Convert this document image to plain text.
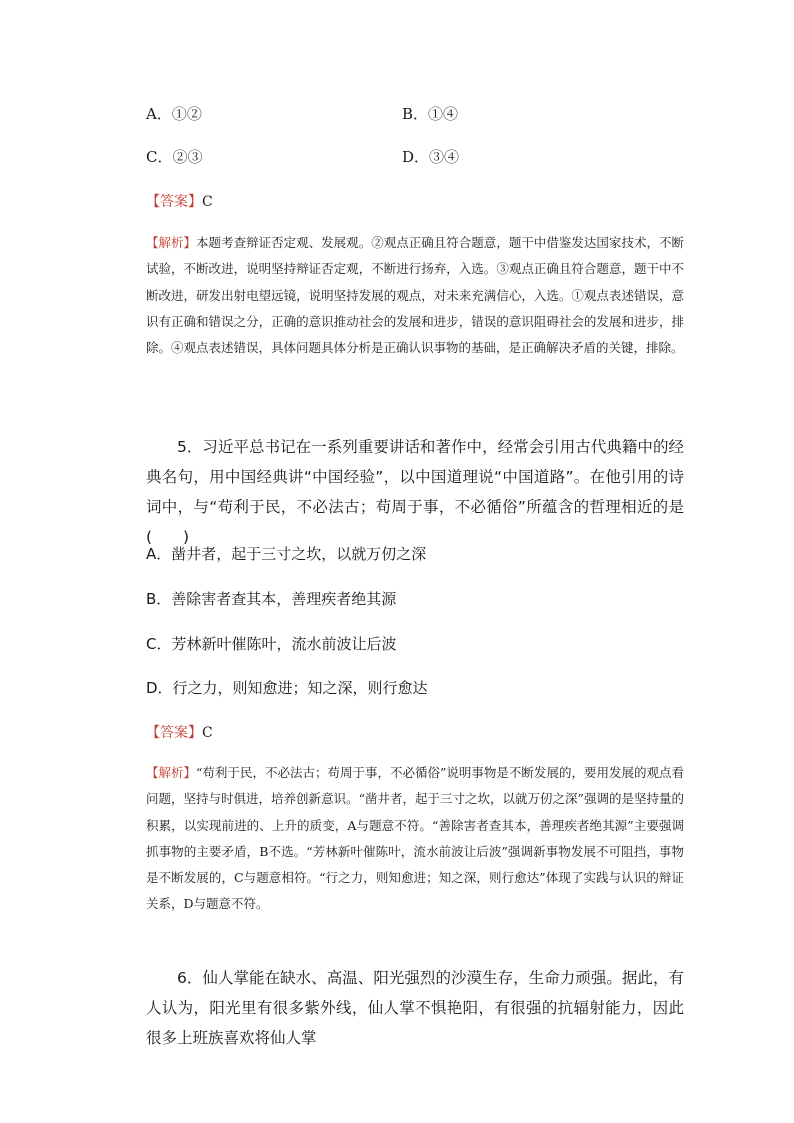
A．①②	B．①④
C．②③	D．③④
【答案】C
【解析】本题考查辩证否定观、发展观。②观点正确且符合题意，题干中借鉴发达国家技术，不断试验，不断改进，说明坚持辩证否定观，不断进行扬弃，入选。③观点正确且符合题意，题干中不断改进，研发出射电望远镜，说明坚持发展的观点，对未来充满信心，入选。①观点表述错误，意识有正确和错误之分，正确的意识推动社会的发展和进步，错误的意识阻碍社会的发展和进步，排除。④观点表述错误，具体问题具体分析是正确认识事物的基础，是正确解决矛盾的关键，排除。
5．习近平总书记在一系列重要讲话和著作中，经常会引用古代典籍中的经典名句，用中国经典讲“中国经验”，以中国道理说“中国道路”。在他引用的诗词中，与“苟利于民，不必法古；苟周于事，不必循俗”所蕴含的哲理相近的是(　　)
A．凿井者，起于三寸之坎，以就万仞之深
B．善除害者查其本，善理疾者绝其源
C．芳林新叶催陈叶，流水前波让后波
D．行之力，则知愈进；知之深，则行愈达
【答案】C
【解析】“苟利于民，不必法古；苟周于事，不必循俗”说明事物是不断发展的，要用发展的观点看问题，坚持与时俱进，培养创新意识。“凿井者，起于三寸之坎，以就万仞之深”强调的是坚持量的积累，以实现前进的、上升的质变，A与题意不符。“善除害者查其本，善理疾者绝其源”主要强调抓事物的主要矛盾，B不选。“芳林新叶催陈叶，流水前波让后波”强调新事物发展不可阻挡，事物是不断发展的，C与题意相符。“行之力，则知愈进；知之深，则行愈达”体现了实践与认识的辩证关系，D与题意不符。
6．仙人掌能在缺水、高温、阳光强烈的沙漠生存，生命力顽强。据此，有人认为，阳光里有很多紫外线，仙人掌不惧艳阳，有很强的抗辐射能力，因此很多上班族喜欢将仙人掌
